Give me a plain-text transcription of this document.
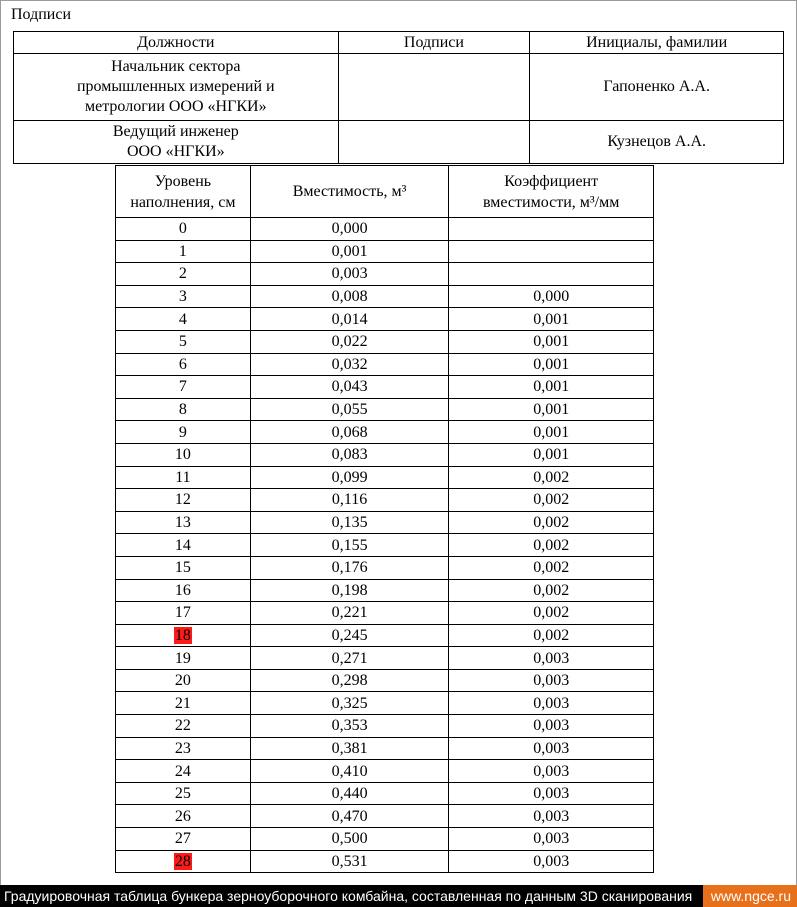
Подписи
Должности	Подписи	Инициалы, фамилии
Начальник сектора
промышленных измерений и
метрологии ООО «НГКИ»		Гапоненко А.А.
Ведущий инженер
ООО «НГКИ»		Кузнецов А.А.
Уровень
наполнения, см	Вместимость, м³	Коэффициент
вместимости, м³/мм
0	0,000	
1	0,001	
2	0,003	
3	0,008	0,000
4	0,014	0,001
5	0,022	0,001
6	0,032	0,001
7	0,043	0,001
8	0,055	0,001
9	0,068	0,001
10	0,083	0,001
11	0,099	0,002
12	0,116	0,002
13	0,135	0,002
14	0,155	0,002
15	0,176	0,002
16	0,198	0,002
17	0,221	0,002
18	0,245	0,002
19	0,271	0,003
20	0,298	0,003
21	0,325	0,003
22	0,353	0,003
23	0,381	0,003
24	0,410	0,003
25	0,440	0,003
26	0,470	0,003
27	0,500	0,003
28	0,531	0,003
Градуировочная таблица бункера зерноуборочного комбайна, составленная по данным 3D сканирования	www.ngce.ru
